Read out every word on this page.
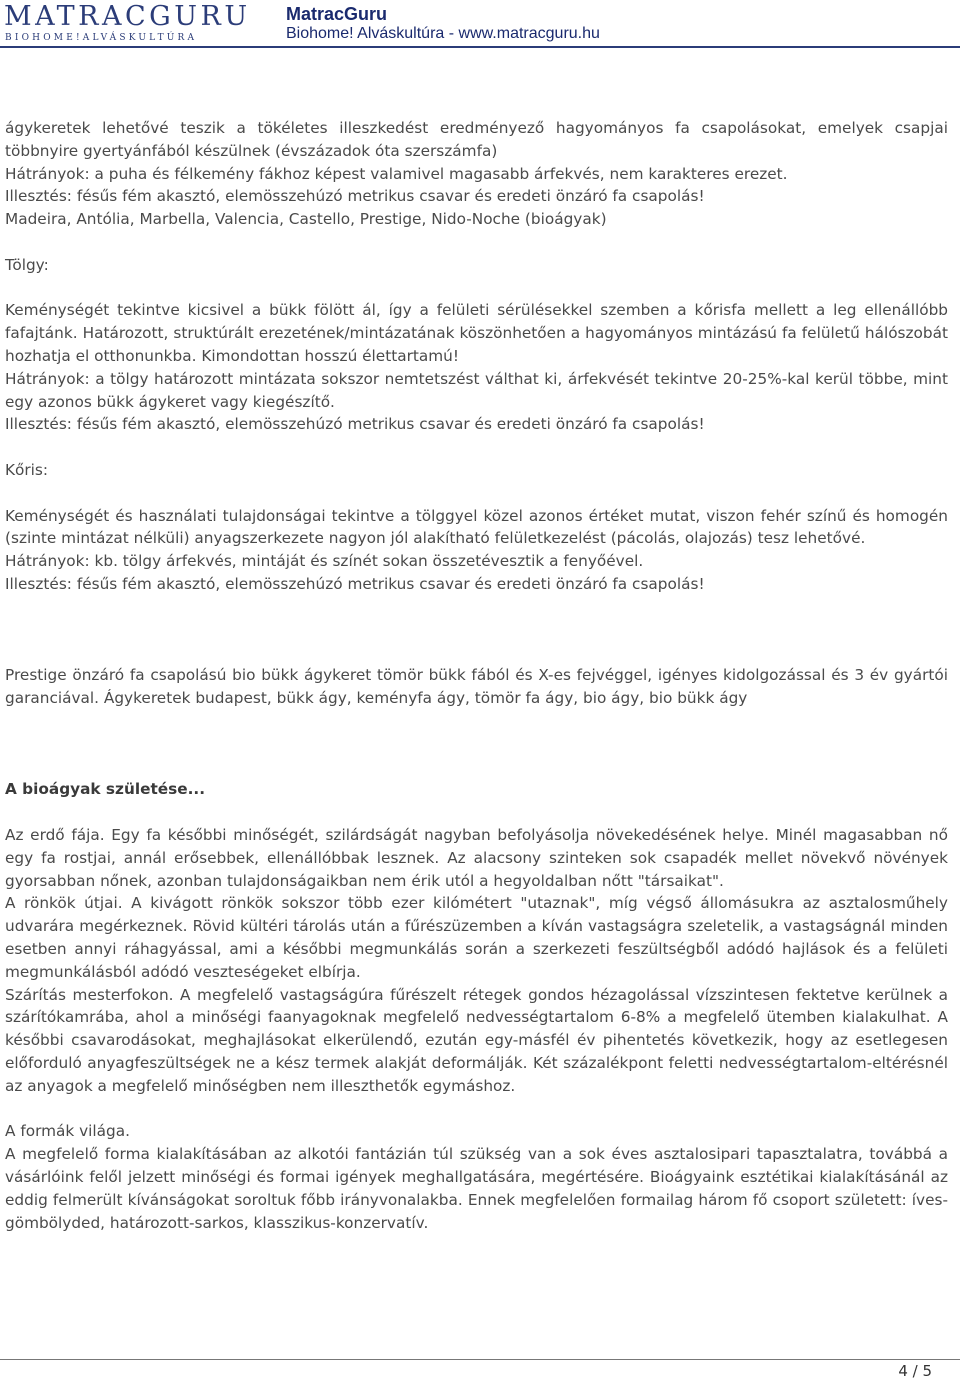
MATRACGURU
BIOHOME!ALVÁSKULTÚRA
MatracGuru
Biohome! Alváskultúra - www.matracguru.hu

ágykeretek lehetővé teszik a tökéletes illeszkedést eredményező hagyományos fa csapolásokat, emelyek csapjai többnyire gyertyánfából készülnek (évszázadok óta szerszámfa)

Hátrányok: a puha és félkemény fákhoz képest valamivel magasabb árfekvés, nem karakteres erezet.

Illesztés: fésűs fém akasztó, elemösszehúzó metrikus csavar és eredeti önzáró fa csapolás!

Madeira, Antólia, Marbella, Valencia, Castello, Prestige, Nido-Noche (bioágyak)

Tölgy:

Keménységét tekintve kicsivel a bükk fölött ál, így a felületi sérülésekkel szemben a kőrisfa mellett a leg ellenállóbb fafajtánk. Határozott, struktúrált erezetének/mintázatának köszönhetően a hagyományos mintázású fa felületű hálószobát hozhatja el otthonunkba. Kimondottan hosszú élettartamú!

Hátrányok: a tölgy határozott mintázata sokszor nemtetszést válthat ki, árfekvését tekintve 20-25%-kal kerül többe, mint egy azonos bükk ágykeret vagy kiegészítő.

Illesztés: fésűs fém akasztó, elemösszehúzó metrikus csavar és eredeti önzáró fa csapolás!

Kőris:

Keménységét és használati tulajdonságai tekintve a tölggyel közel azonos értéket mutat, viszon fehér színű és homogén (szinte mintázat nélküli) anyagszerkezete nagyon jól alakítható felületkezelést (pácolás, olajozás) tesz lehetővé.

Hátrányok: kb. tölgy árfekvés, mintáját és színét sokan összetévesztik a fenyőével.

Illesztés: fésűs fém akasztó, elemösszehúzó metrikus csavar és eredeti önzáró fa csapolás!

Prestige önzáró fa csapolású bio bükk ágykeret tömör bükk fából és X-es fejvéggel, igényes kidolgozással és 3 év gyártói garanciával. Ágykeretek budapest, bükk ágy, keményfa ágy, tömör fa ágy, bio ágy, bio bükk ágy

A bioágyak születése...

Az erdő fája. Egy fa későbbi minőségét, szilárdságát nagyban befolyásolja növekedésének helye. Minél magasabban nő egy fa rostjai, annál erősebbek, ellenállóbbak lesznek. Az alacsony szinteken sok csapadék mellet növekvő növények gyorsabban nőnek, azonban tulajdonságaikban nem érik utól a hegyoldalban nőtt "társaikat".

A rönkök útjai. A kivágott rönkök sokszor több ezer kilómétert "utaznak", míg végső állomásukra az asztalosműhely udvarára megérkeznek. Rövid kültéri tárolás után a fűrészüzemben a kíván vastagságra szeletelik, a vastagságnál minden esetben annyi ráhagyással, ami a későbbi megmunkálás során a szerkezeti feszültségből adódó hajlások és a felületi megmunkálásból adódó veszteségeket elbírja.

Szárítás mesterfokon. A megfelelő vastagságúra fűrészelt rétegek gondos hézagolással vízszintesen fektetve kerülnek a szárítókamrába, ahol a minőségi faanyagoknak megfelelő nedvességtartalom 6-8% a megfelelő ütemben kialakulhat. A későbbi csavarodásokat, meghajlásokat elkerülendő, ezután egy-másfél év pihentetés következik, hogy az esetlegesen előforduló anyagfeszültségek ne a kész termek alakját deformálják. Két százalékpont feletti nedvességtartalom-eltérésnél az anyagok a megfelelő minőségben nem illeszthetők egymáshoz.

A formák világa.

A megfelelő forma kialakításában az alkotói fantázián túl szükség van a sok éves asztalosipari tapasztalatra, továbbá a vásárlóink felől jelzett minőségi és formai igények meghallgatására, megértésére. Bioágyaink esztétikai kialakításánál az eddig felmerült kívánságokat soroltuk főbb irányvonalakba. Ennek megfelelően formailag három fő csoport született: íves-gömbölyded, határozott-sarkos, klasszikus-konzervatív.

4 / 5
